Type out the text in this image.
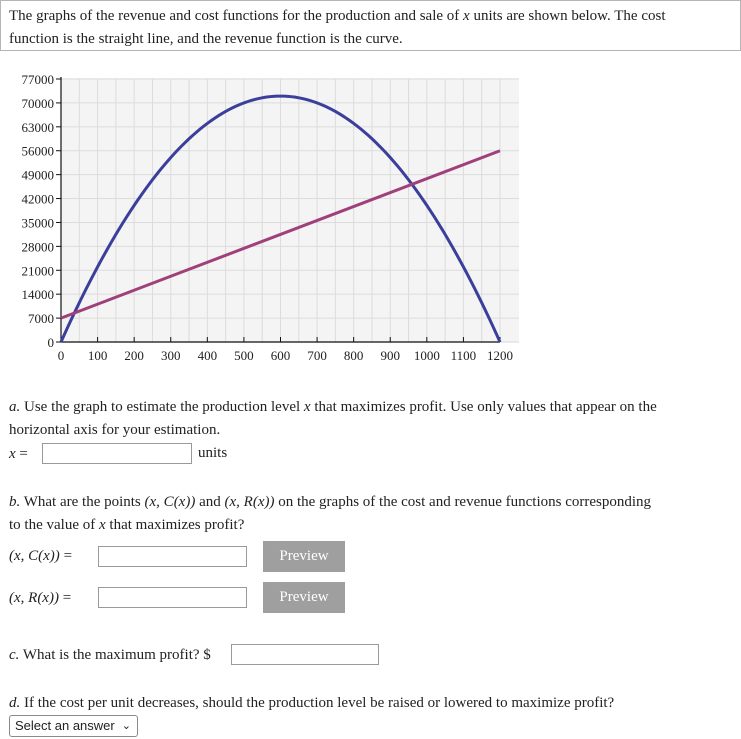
The graphs of the revenue and cost functions for the production and sale of x units are shown below. The cost
function is the straight line, and the revenue function is the curve.
0
7000
14000
21000
28000
35000
42000
49000
56000
63000
70000
77000
0 100 200 300 400 500 600 700 800 900 1000 1100 1200
a. Use the graph to estimate the production level x that maximizes profit. Use only values that appear on the
horizontal axis for your estimation.
x =	units
b. What are the points (x, C(x)) and (x, R(x)) on the graphs of the cost and revenue functions corresponding
to the value of x that maximizes profit?
(x, C(x)) =	Preview
(x, R(x)) =	Preview
c. What is the maximum profit? $
d. If the cost per unit decreases, should the production level be raised or lowered to maximize profit?
Select an answer ⌄
